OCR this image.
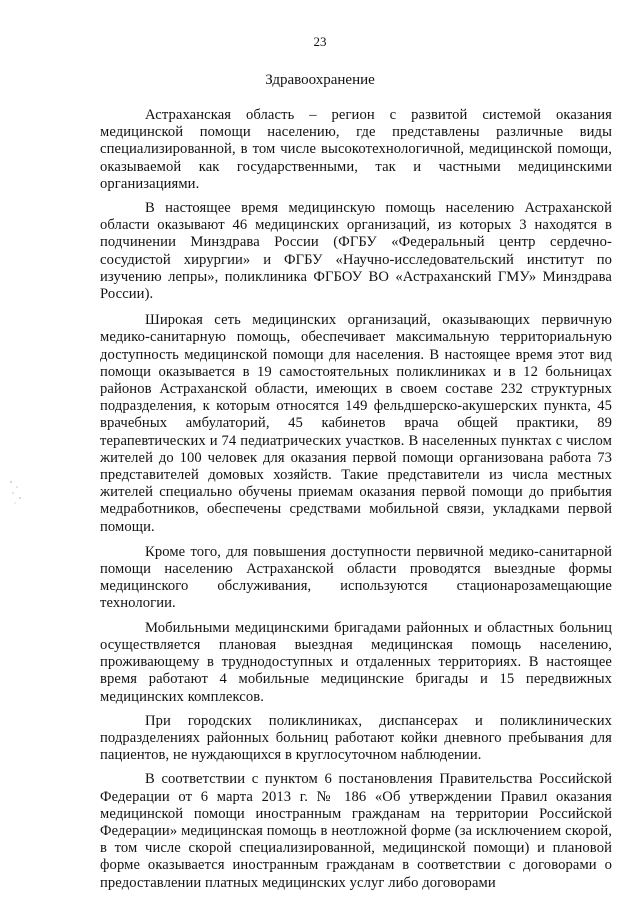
23
Здравоохранение

Астраханская область – регион с развитой системой оказания медицинской помощи населению, где представлены различные виды специализированной, в том числе высокотехнологичной, медицинской помощи, оказываемой как государственными, так и частными медицинскими организациями.

В настоящее время медицинскую помощь населению Астраханской области оказывают 46 медицинских организаций, из которых 3 находятся в подчинении Минздрава России (ФГБУ «Федеральный центр сердечно-сосудистой хирургии» и ФГБУ «Научно-исследовательский институт по изучению лепры», поликлиника ФГБОУ ВО «Астраханский ГМУ» Минздрава России).

Широкая сеть медицинских организаций, оказывающих первичную медико-санитарную помощь, обеспечивает максимальную территориальную доступность медицинской помощи для населения. В настоящее время этот вид помощи оказывается в 19 самостоятельных поликлиниках и в 12 больницах районов Астраханской области, имеющих в своем составе 232 структурных подразделения, к которым относятся 149 фельдшерско-акушерских пункта, 45 врачебных амбулаторий, 45 кабинетов врача общей практики, 89 терапевтических и 74 педиатрических участков. В населенных пунктах с числом жителей до 100 человек для оказания первой помощи организована работа 73 представителей домовых хозяйств. Такие представители из числа местных жителей специально обучены приемам оказания первой помощи до прибытия медработников, обеспечены средствами мобильной связи, укладками первой помощи.

Кроме того, для повышения доступности первичной медико-санитарной помощи населению Астраханской области проводятся выездные формы медицинского обслуживания, используются стационарозамещающие технологии.

Мобильными медицинскими бригадами районных и областных больниц осуществляется плановая выездная медицинская помощь населению, проживающему в труднодоступных и отдаленных территориях. В настоящее время работают 4 мобильные медицинские бригады и 15 передвижных медицинских комплексов.

При городских поликлиниках, диспансерах и поликлинических подразделениях районных больниц работают койки дневного пребывания для пациентов, не нуждающихся в круглосуточном наблюдении.

В соответствии с пунктом 6 постановления Правительства Российской Федерации от 6 марта 2013 г. № 186 «Об утверждении Правил оказания медицинской помощи иностранным гражданам на территории Российской Федерации» медицинская помощь в неотложной форме (за исключением скорой, в том числе скорой специализированной, медицинской помощи) и плановой форме оказывается иностранным гражданам в соответствии с договорами о предоставлении платных медицинских услуг либо договорами
